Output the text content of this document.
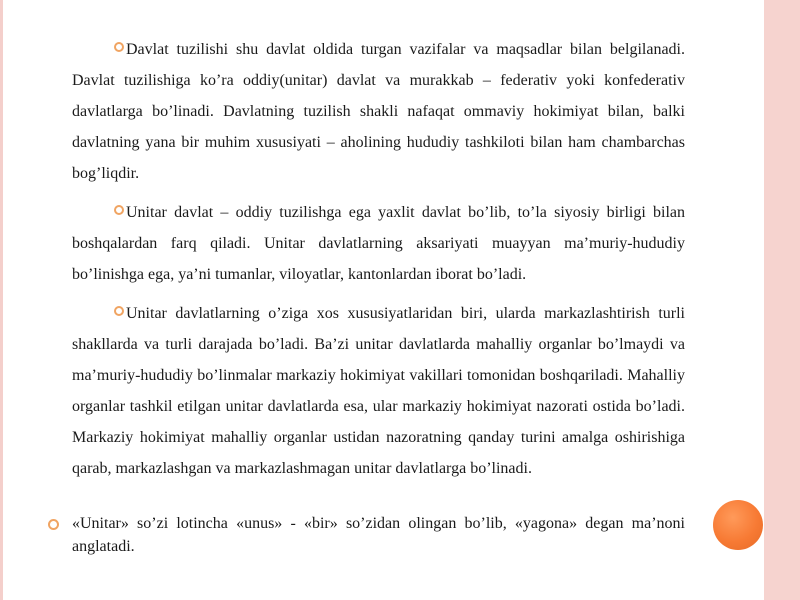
Davlat tuzilishi shu davlat oldida turgan vazifalar va maqsadlar bilan belgilanadi. Davlat tuzilishiga ko’ra oddiy(unitar) davlat va murakkab – federativ yoki konfederativ davlatlarga bo’linadi. Davlatning tuzilish shakli nafaqat ommaviy hokimiyat bilan, balki davlatning yana bir muhim xususiyati – aholining hududiy tashkiloti bilan ham chambarchas bog’liqdir.

Unitar davlat – oddiy tuzilishga ega yaxlit davlat bo’lib, to’la siyosiy birligi bilan boshqalardan farq qiladi. Unitar davlatlarning aksariyati muayyan ma’muriy-hududiy bo’linishga ega, ya’ni tumanlar, viloyatlar, kantonlardan iborat bo’ladi.

Unitar davlatlarning o’ziga xos xususiyatlaridan biri, ularda markazlashtirish turli shakllarda va turli darajada bo’ladi. Ba’zi unitar davlatlarda mahalliy organlar bo’lmaydi va ma’muriy-hududiy bo’linmalar markaziy hokimiyat vakillari tomonidan boshqariladi. Mahalliy organlar tashkil etilgan unitar davlatlarda esa, ular markaziy hokimiyat nazorati ostida bo’ladi. Markaziy hokimiyat mahalliy organlar ustidan nazoratning qanday turini amalga oshirishiga qarab, markazlashgan va markazlashmagan unitar davlatlarga bo’linadi.

«Unitar» so’zi lotincha «unus» - «bir» so’zidan olingan bo’lib, «yagona» degan ma’noni anglatadi.
